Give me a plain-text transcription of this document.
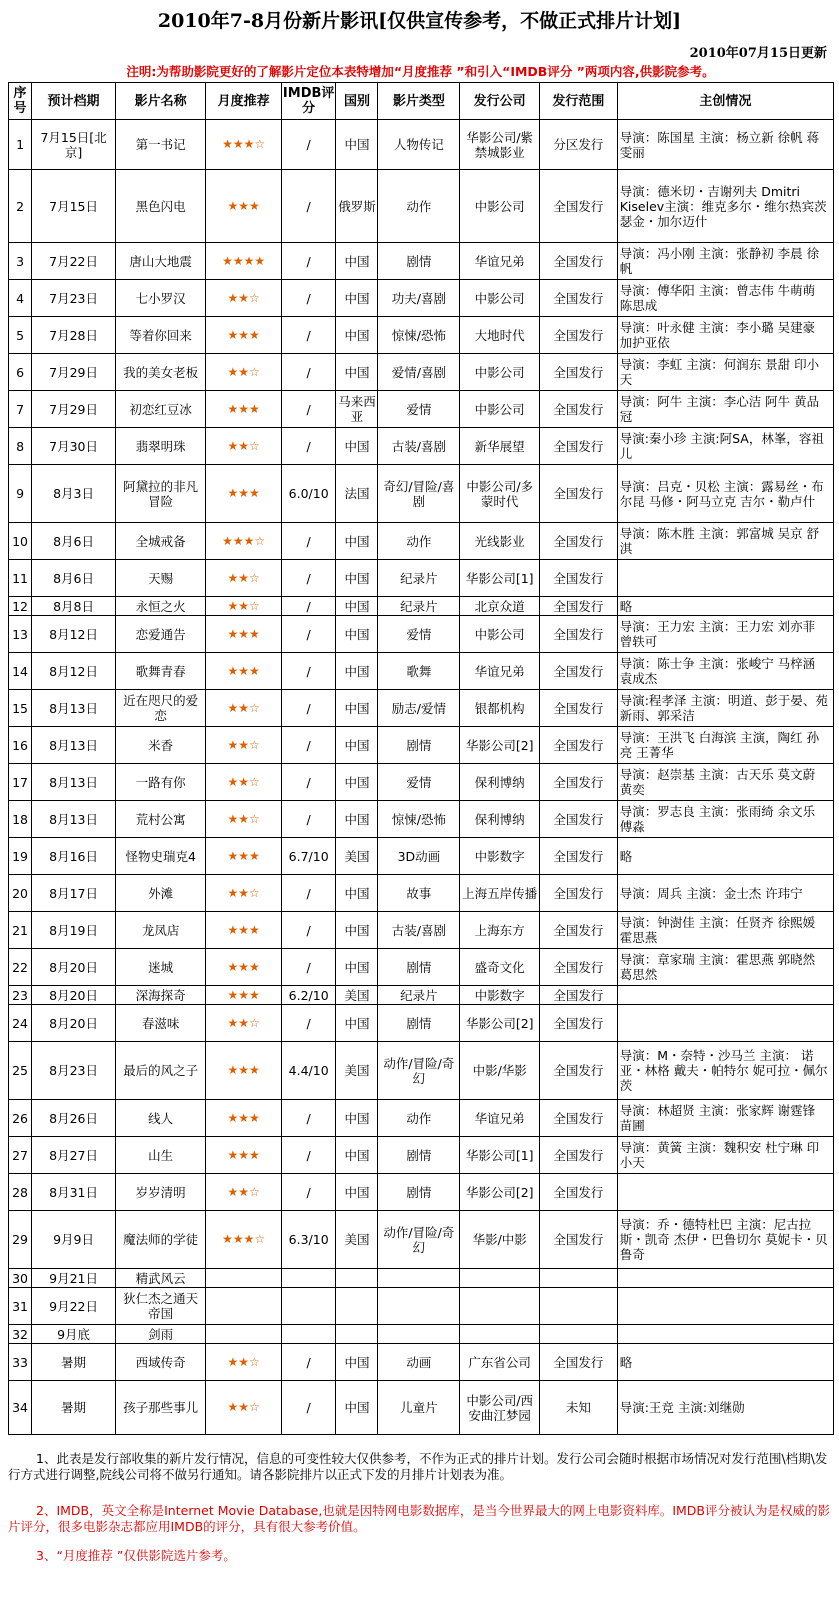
2010年7-8月份新片影讯[仅供宣传参考，不做正式排片计划]
2010年07月15日更新
注明:为帮助影院更好的了解影片定位本表特增加“月度推荐 ”和引入“IMDB评分 ”两项内容,供影院参考。
序号	预计档期	影片名称	月度推荐	IMDB评分	国别	影片类型	发行公司	发行范围	主创情况
1	7月15日[北京]	第一书记	★★★☆	/	中国	人物传记	华影公司/紫禁城影业	分区发行	导演：陈国星 主演：杨立新 徐帆 蒋雯丽
2	7月15日	黑色闪电	★★★	/	俄罗斯	动作	中影公司	全国发行	导演：德米切・吉谢列夫 Dmitri Kiselev主演：维克多尔・维尔热宾茨 瑟金・加尔迈什
3	7月22日	唐山大地震	★★★★	/	中国	剧情	华谊兄弟	全国发行	导演：冯小刚 主演：张静初 李晨 徐帆
4	7月23日	七小罗汉	★★☆	/	中国	功夫/喜剧	中影公司	全国发行	导演：傅华阳 主演：曾志伟 牛萌萌 陈思成
5	7月28日	等着你回来	★★★	/	中国	惊悚/恐怖	大地时代	全国发行	导演：叶永健 主演：李小璐 吴建豪 加护亚依
6	7月29日	我的美女老板	★★☆	/	中国	爱情/喜剧	中影公司	全国发行	导演：李虹 主演：何润东 景甜 印小天
7	7月29日	初恋红豆冰	★★★	/	马来西亚	爱情	中影公司	全国发行	导演：阿牛 主演：李心洁 阿牛 黄品冠
8	7月30日	翡翠明珠	★★☆	/	中国	古装/喜剧	新华展望	全国发行	导演:秦小珍 主演:阿SA，林峯，容祖儿
9	8月3日	阿黛拉的非凡冒险	★★★	6.0/10	法国	奇幻/冒险/喜剧	中影公司/多蒙时代	全国发行	导演：吕克・贝松 主演：露易丝・布尔昆 马修・阿马立克 吉尔・勒卢什
10	8月6日	全城戒备	★★★☆	/	中国	动作	光线影业	全国发行	导演：陈木胜 主演：郭富城 吴京 舒淇
11	8月6日	天赐	★★☆	/	中国	纪录片	华影公司[1]	全国发行	
12	8月8日	永恒之火	★★☆	/	中国	纪录片	北京众道	全国发行	略
13	8月12日	恋爱通告	★★★	/	中国	爱情	中影公司	全国发行	导演：王力宏 主演：王力宏 刘亦菲 曾轶可
14	8月12日	歌舞青春	★★★	/	中国	歌舞	华谊兄弟	全国发行	导演：陈士争 主演：张峻宁 马梓涵 袁成杰
15	8月13日	近在咫尺的爱恋	★★☆	/	中国	励志/爱情	银都机构	全国发行	导演:程孝泽 主演：明道、彭于晏、苑新雨、郭采洁
16	8月13日	米香	★★☆	/	中国	剧情	华影公司[2]	全国发行	导演：王洪飞 白海滨 主演，陶红 孙亮 王菁华
17	8月13日	一路有你	★★☆	/	中国	爱情	保利博纳	全国发行	导演：赵崇基 主演：古天乐 莫文蔚 黄奕
18	8月13日	荒村公寓	★★☆	/	中国	惊悚/恐怖	保利博纳	全国发行	导演：罗志良 主演：张雨绮 余文乐 傅淼
19	8月16日	怪物史瑞克4	★★★	6.7/10	美国	3D动画	中影数字	全国发行	略
20	8月17日	外滩	★★☆	/	中国	故事	上海五岸传播	全国发行	导演：周兵 主演：金士杰 许玮宁
21	8月19日	龙凤店	★★★	/	中国	古装/喜剧	上海东方	全国发行	导演：钟澍佳 主演：任贤齐 徐熙媛 霍思燕
22	8月20日	迷城	★★★	/	中国	剧情	盛奇文化	全国发行	导演：章家瑞 主演：霍思燕 郭晓然 葛思然
23	8月20日	深海探奇	★★★	6.2/10	美国	纪录片	中影数字	全国发行	
24	8月20日	春滋味	★★☆	/	中国	剧情	华影公司[2]	全国发行	
25	8月23日	最后的风之子	★★★	4.4/10	美国	动作/冒险/奇幻	中影/华影	全国发行	导演：M・奈特・沙马兰 主演： 诺亚・林格 戴夫・帕特尔 妮可拉・佩尔茨
26	8月26日	线人	★★★	/	中国	动作	华谊兄弟	全国发行	导演：林超贤 主演：张家辉 谢霆锋 苗圃
27	8月27日	山生	★★★	/	中国	剧情	华影公司[1]	全国发行	导演：黄簧 主演：魏积安 杜宁琳 印小天
28	8月31日	岁岁清明	★★☆	/	中国	剧情	华影公司[2]	全国发行	
29	9月9日	魔法师的学徒	★★★☆	6.3/10	美国	动作/冒险/奇幻	华影/中影	全国发行	导演：乔・德特杜巴 主演：尼古拉斯・凯奇 杰伊・巴鲁切尔 莫妮卡・贝鲁奇
30	9月21日	精武风云							
31	9月22日	狄仁杰之通天帝国							
32	9月底	剑雨							
33	暑期	西域传奇	★★☆	/	中国	动画	广东省公司	全国发行	略
34	暑期	孩子那些事儿	★★☆	/	中国	儿童片	中影公司/西安曲江梦园	未知	导演:王竞 主演:刘继勋
1、此表是发行部收集的新片发行情况，信息的可变性较大仅供参考，不作为正式的排片计划。发行公司会随时根据市场情况对发行范围\档期\发行方式进行调整,院线公司将不做另行通知。请各影院排片以正式下发的月排片计划表为准。
2、IMDB，英文全称是Internet Movie Database,也就是因特网电影数据库，是当今世界最大的网上电影资料库。IMDB评分被认为是权威的影片评分，很多电影杂志都应用IMDB的评分，具有很大参考价值。
3、“月度推荐 ”仅供影院选片参考。
